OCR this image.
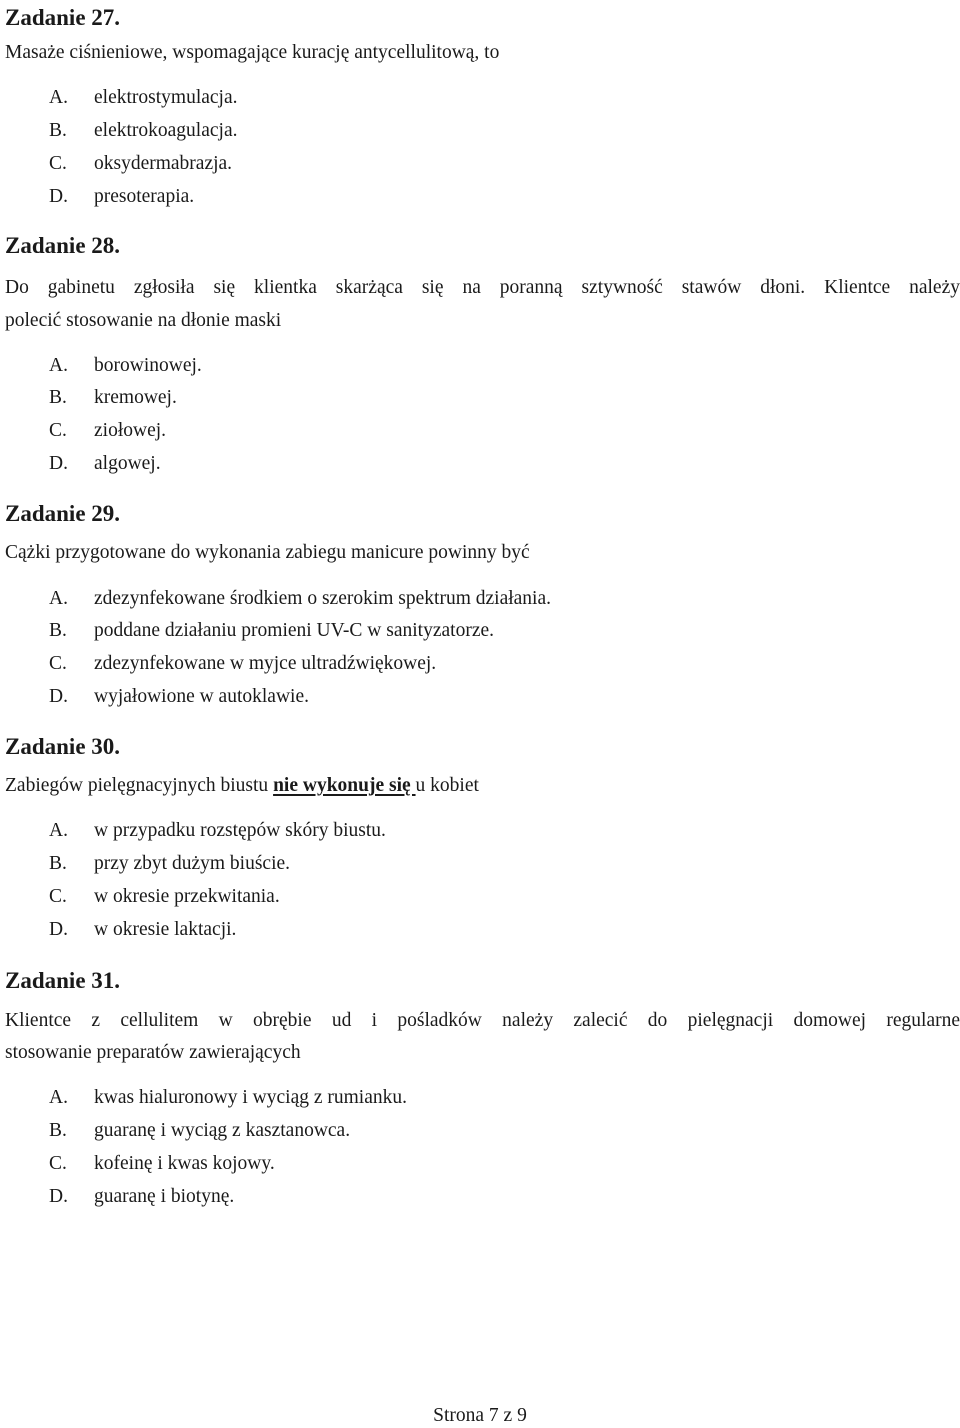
Zadanie 27.
Masaże ciśnieniowe, wspomagające kurację antycellulitową, to
A. elektrostymulacja.
B. elektrokoagulacja.
C. oksydermabrazja.
D. presoterapia.
Zadanie 28.
Do gabinetu zgłosiła się klientka skarżąca się na poranną sztywność stawów dłoni. Klientce należy
polecić stosowanie na dłonie maski
A. borowinowej.
B. kremowej.
C. ziołowej.
D. algowej.
Zadanie 29.
Cążki przygotowane do wykonania zabiegu manicure powinny być
A. zdezynfekowane środkiem o szerokim spektrum działania.
B. poddane działaniu promieni UV-C w sanityzatorze.
C. zdezynfekowane w myjce ultradźwiękowej.
D. wyjałowione w autoklawie.
Zadanie 30.
Zabiegów pielęgnacyjnych biustu nie wykonuje się u kobiet
A. w przypadku rozstępów skóry biustu.
B. przy zbyt dużym biuście.
C. w okresie przekwitania.
D. w okresie laktacji.
Zadanie 31.
Klientce z cellulitem w obrębie ud i pośladków należy zalecić do pielęgnacji domowej regularne
stosowanie preparatów zawierających
A. kwas hialuronowy i wyciąg z rumianku.
B. guaranę i wyciąg z kasztanowca.
C. kofeinę i kwas kojowy.
D. guaranę i biotynę.
Strona 7 z 9
